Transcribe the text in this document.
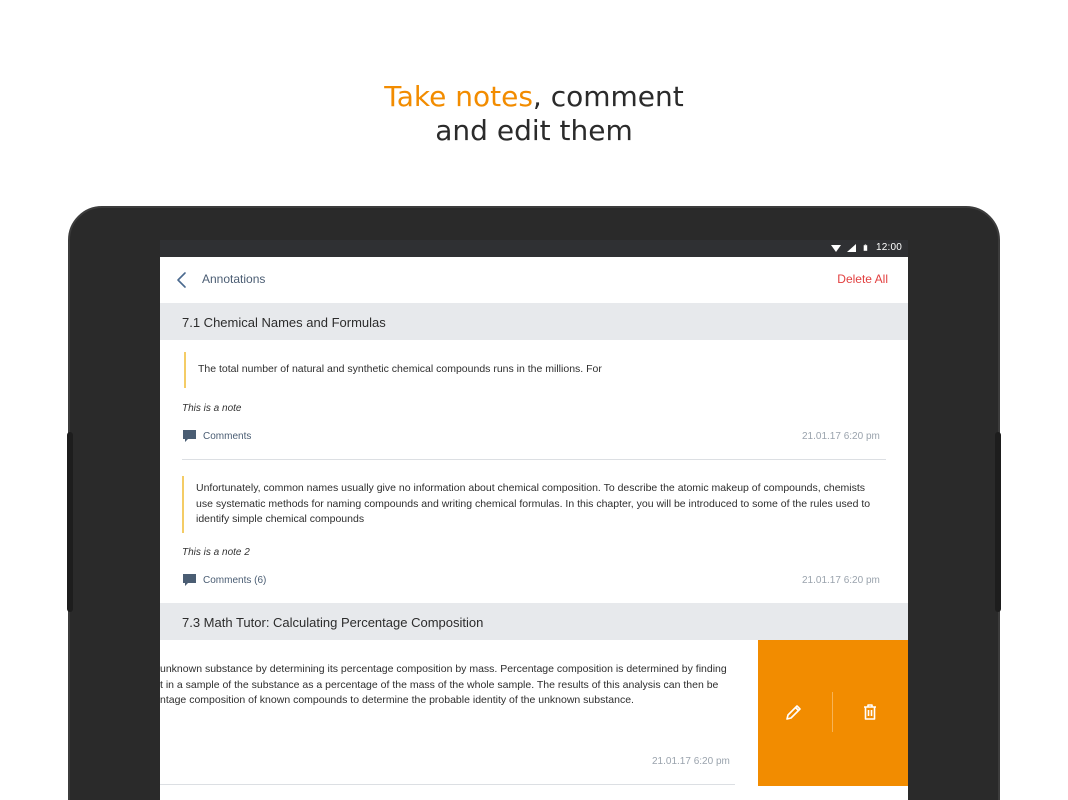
Take notes, comment
and edit them
12:00
Annotations	Delete All
7.1 Chemical Names and Formulas
The total number of natural and synthetic chemical compounds runs in the millions. For
This is a note
Comments	21.01.17 6:20 pm
Unfortunately, common names usually give no information about chemical composition. To describe the atomic makeup of compounds, chemists
use systematic methods for naming compounds and writing chemical formulas. In this chapter, you will be introduced to some of the rules used to
identify simple chemical compounds
This is a note 2
Comments (6)	21.01.17 6:20 pm
7.3 Math Tutor: Calculating Percentage Composition
unknown substance by determining its percentage composition by mass. Percentage composition is determined by finding
t in a sample of the substance as a percentage of the mass of the whole sample. The results of this analysis can then be
ntage composition of known compounds to determine the probable identity of the unknown substance.
21.01.17 6:20 pm
